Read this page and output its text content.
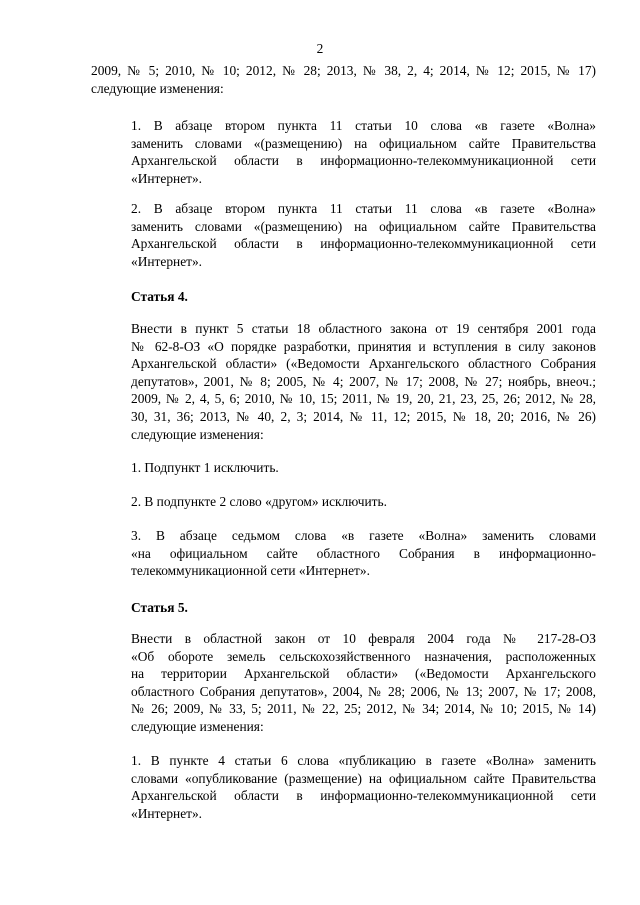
2

2009, № 5; 2010, № 10; 2012, № 28; 2013, № 38, 2, 4; 2014, № 12; 2015, № 17)
следующие изменения:

1. В абзаце втором пункта 11 статьи 10 слова «в газете «Волна»
заменить словами «(размещению) на официальном сайте Правительства
Архангельской области в информационно-телекоммуникационной сети
«Интернет».

2. В абзаце втором пункта 11 статьи 11 слова «в газете «Волна»
заменить словами «(размещению) на официальном сайте Правительства
Архангельской области в информационно-телекоммуникационной сети
«Интернет».

Статья 4.

Внести в пункт 5 статьи 18 областного закона от 19 сентября 2001 года
№ 62-8-ОЗ «О порядке разработки, принятия и вступления в силу законов
Архангельской области» («Ведомости Архангельского областного Собрания
депутатов», 2001, № 8; 2005, № 4; 2007, № 17; 2008, № 27; ноябрь, внеоч.;
2009, № 2, 4, 5, 6; 2010, № 10, 15; 2011, № 19, 20, 21, 23, 25, 26; 2012, № 28,
30, 31, 36; 2013, № 40, 2, 3; 2014, № 11, 12; 2015, № 18, 20; 2016, № 26)
следующие изменения:

1. Подпункт 1 исключить.

2. В подпункте 2 слово «другом» исключить.

3. В абзаце седьмом слова «в газете «Волна» заменить словами
«на официальном сайте областного Собрания в информационно-
телекоммуникационной сети «Интернет».

Статья 5.

Внести в областной закон от 10 февраля 2004 года № 217-28-ОЗ
«Об обороте земель сельскохозяйственного назначения, расположенных
на территории Архангельской области» («Ведомости Архангельского
областного Собрания депутатов», 2004, № 28; 2006, № 13; 2007, № 17; 2008,
№ 26; 2009, № 33, 5; 2011, № 22, 25; 2012, № 34; 2014, № 10; 2015, № 14)
следующие изменения:

1. В пункте 4 статьи 6 слова «публикацию в газете «Волна» заменить
словами «опубликование (размещение) на официальном сайте Правительства
Архангельской области в информационно-телекоммуникационной сети
«Интернет».
